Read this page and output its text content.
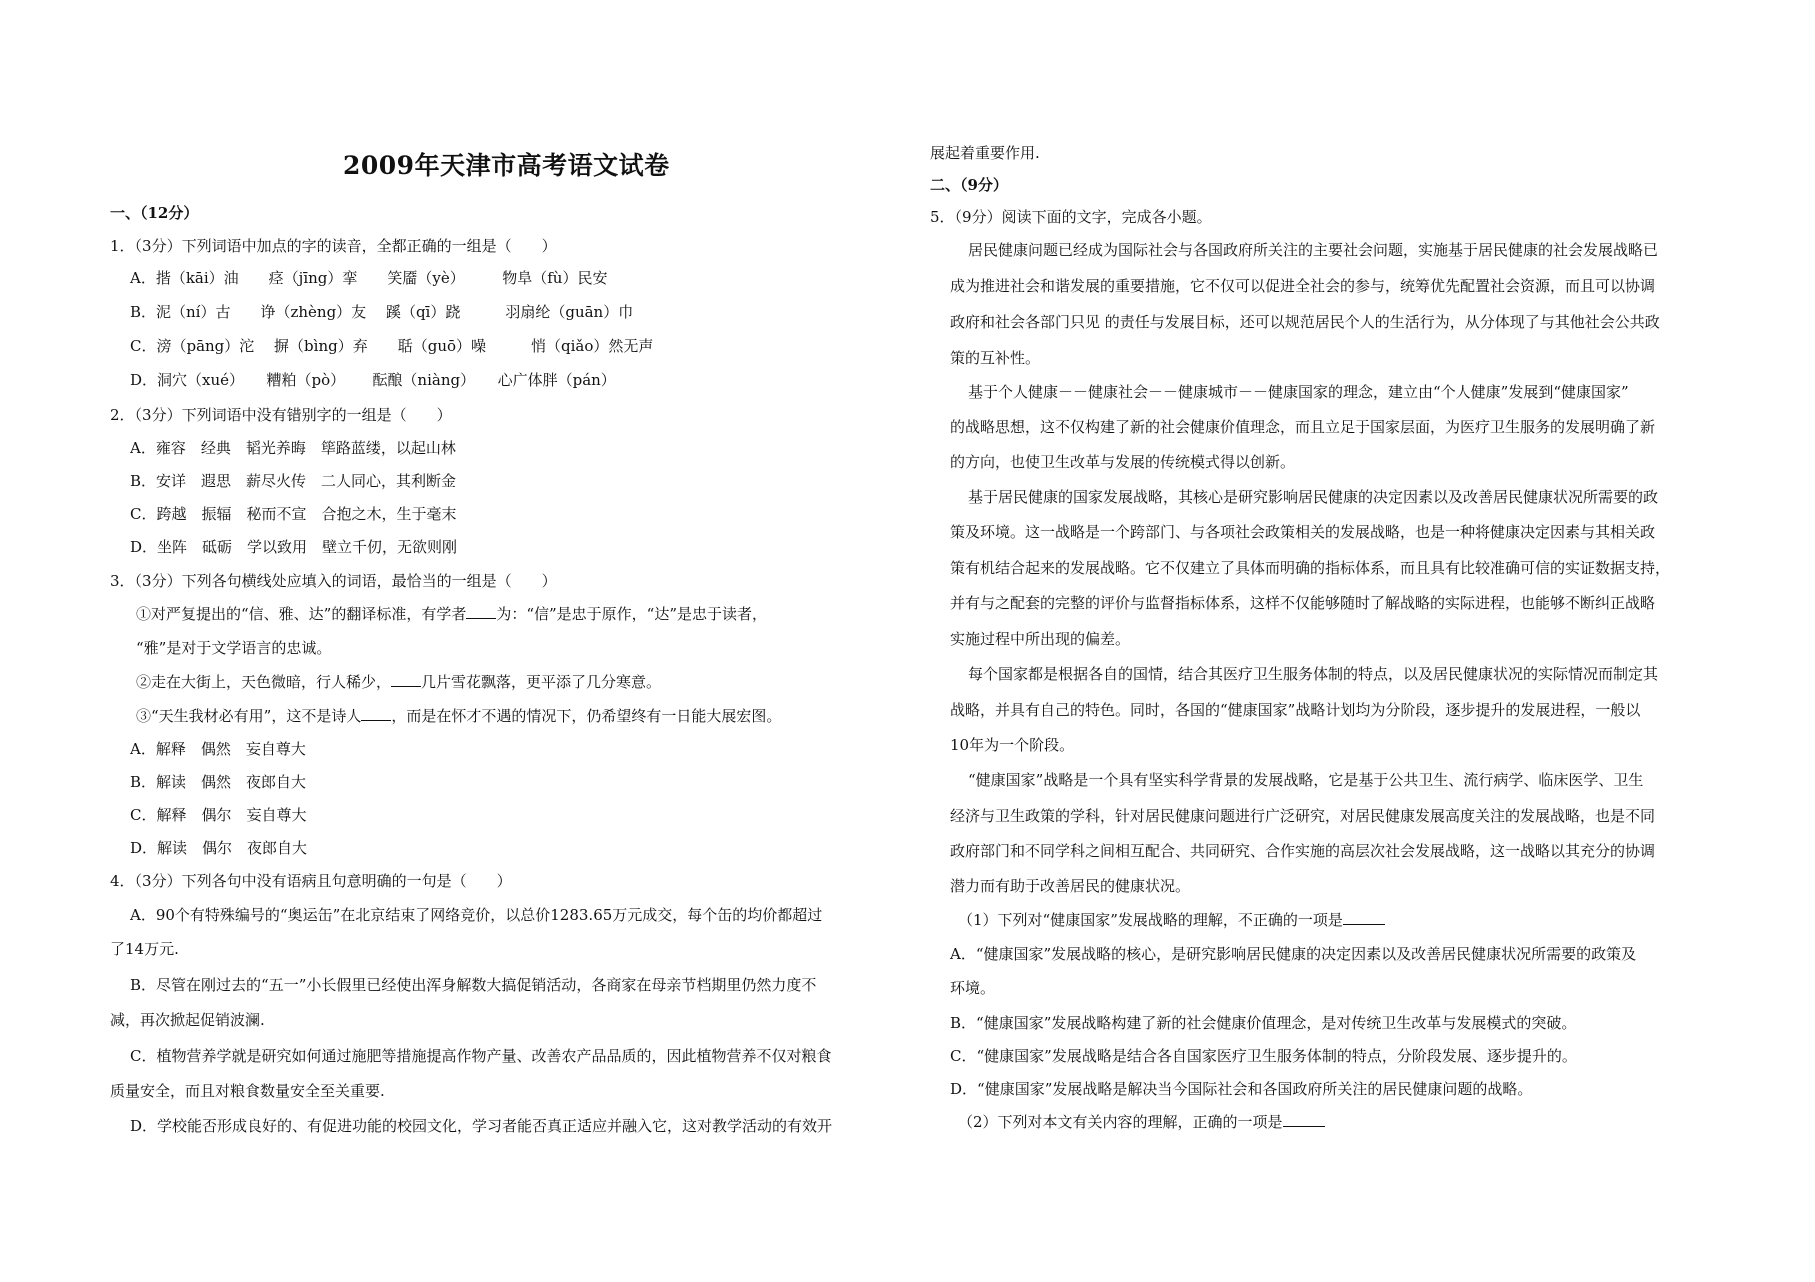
2009年天津市高考语文试卷
一、（12分）
1．（3分）下列词语中加点的字的读音，全都正确的一组是（　　）
A．揩（kāi）油　　痉（jīng）挛　　笑靥（yè）　　　物阜（fù）民安
B．泥（ní）古　　诤（zhèng）友　 蹊（qī）跷　　　羽扇纶（guān）巾
C．滂（pāng）沱　 摒（bìng）弃　　聒（guō）噪　　　悄（qiǎo）然无声
D．洞穴（xué）　　糟粕（pò）　　 酝酿（niàng）　　心广体胖（pán）
2．（3分）下列词语中没有错别字的一组是（　　）
A．雍容　经典　韬光养晦　筚路蓝缕，以起山林
B．安详　遐思　薪尽火传　二人同心，其利断金
C．跨越　振辐　秘而不宣　合抱之木，生于毫末
D．坐阵　砥砺　学以致用　壁立千仞，无欲则刚
3．（3分）下列各句横线处应填入的词语，最恰当的一组是（　　）
①对严复提出的“信、雅、达”的翻译标准，有学者 为：“信”是忠于原作，“达”是忠于读者，
“雅”是对于文学语言的忠诚。
②走在大街上，天色微暗，行人稀少， 几片雪花飘落，更平添了几分寒意。
③“天生我材必有用”，这不是诗人 ，而是在怀才不遇的情况下，仍希望终有一日能大展宏图。
A．解释　偶然　妄自尊大
B．解读　偶然　夜郎自大
C．解释　偶尔　妄自尊大
D．解读　偶尔　夜郎自大
4．（3分）下列各句中没有语病且句意明确的一句是（　　）
A．90个有特殊编号的“奥运缶”在北京结束了网络竞价，以总价1283.65万元成交，每个缶的均价都超过
了14万元.
B．尽管在刚过去的“五一”小长假里已经使出浑身解数大搞促销活动，各商家在母亲节档期里仍然力度不
减，再次掀起促销波澜.
C．植物营养学就是研究如何通过施肥等措施提高作物产量、改善农产品品质的，因此植物营养不仅对粮食
质量安全，而且对粮食数量安全至关重要.
D．学校能否形成良好的、有促进功能的校园文化，学习者能否真正适应并融入它，这对教学活动的有效开
展起着重要作用.
二、（9分）
5．（9分）阅读下面的文字，完成各小题。
居民健康问题已经成为国际社会与各国政府所关注的主要社会问题，实施基于居民健康的社会发展战略已
成为推进社会和谐发展的重要措施，它不仅可以促进全社会的参与，统筹优先配置社会资源，而且可以协调
政府和社会各部门只见 的责任与发展目标，还可以规范居民个人的生活行为，从分体现了与其他社会公共政
策的互补性。
基于个人健康－－健康社会－－健康城市－－健康国家的理念，建立由“个人健康”发展到“健康国家”
的战略思想，这不仅构建了新的社会健康价值理念，而且立足于国家层面，为医疗卫生服务的发展明确了新
的方向，也使卫生改革与发展的传统模式得以创新。
基于居民健康的国家发展战略，其核心是研究影响居民健康的决定因素以及改善居民健康状况所需要的政
策及环境。这一战略是一个跨部门、与各项社会政策相关的发展战略，也是一种将健康决定因素与其相关政
策有机结合起来的发展战略。它不仅建立了具体而明确的指标体系，而且具有比较准确可信的实证数据支持，
并有与之配套的完整的评价与监督指标体系，这样不仅能够随时了解战略的实际进程，也能够不断纠正战略
实施过程中所出现的偏差。
每个国家都是根据各自的国情，结合其医疗卫生服务体制的特点，以及居民健康状况的实际情况而制定其
战略，并具有自己的特色。同时，各国的“健康国家”战略计划均为分阶段，逐步提升的发展进程，一般以
10年为一个阶段。
“健康国家”战略是一个具有坚实科学背景的发展战略，它是基于公共卫生、流行病学、临床医学、卫生
经济与卫生政策的学科，针对居民健康问题进行广泛研究，对居民健康发展高度关注的发展战略，也是不同
政府部门和不同学科之间相互配合、共同研究、合作实施的高层次社会发展战略，这一战略以其充分的协调
潜力而有助于改善居民的健康状况。
（1）下列对“健康国家”发展战略的理解，不正确的一项是
A．“健康国家”发展战略的核心，是研究影响居民健康的决定因素以及改善居民健康状况所需要的政策及
环境。
B．“健康国家”发展战略构建了新的社会健康价值理念，是对传统卫生改革与发展模式的突破。
C．“健康国家”发展战略是结合各自国家医疗卫生服务体制的特点，分阶段发展、逐步提升的。
D．“健康国家”发展战略是解决当今国际社会和各国政府所关注的居民健康问题的战略。
（2）下列对本文有关内容的理解，正确的一项是
